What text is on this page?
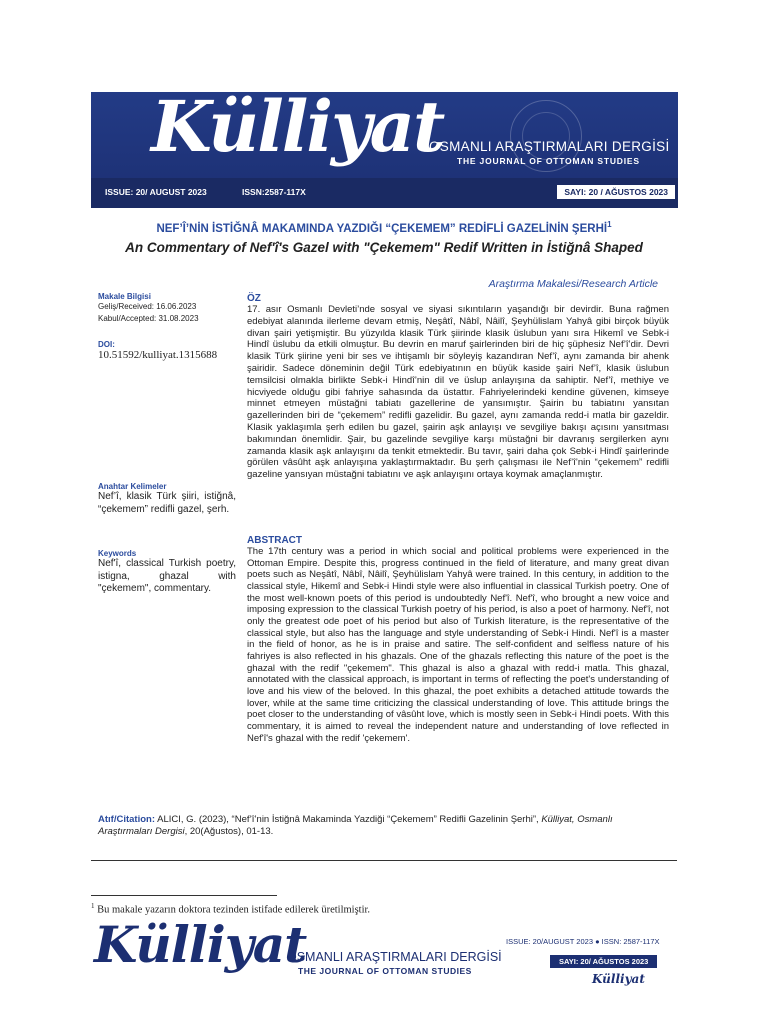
Külliyat
OSMANLI ARAŞTIRMALARI DERGİSİ
THE JOURNAL OF OTTOMAN STUDIES
ISSUE: 20/ AUGUST 2023	ISSN:2587-117X	SAYI: 20 / AĞUSTOS 2023
NEF’Î’NİN İSTİĞNÂ MAKAMINDA YAZDIĞI “ÇEKEMEM” REDİFLİ GAZELİNİN ŞERHİ$^1$
An Commentary of Nef'î's Gazel with "Çekemem" Redif Written in İstiğnâ Shaped
Araştırma Makalesi/Research Article
Makale Bilgisi
Geliş/Received: 16.06.2023
Kabul/Accepted: 31.08.2023
DOI:
10.51592/kulliyat.1315688
Anahtar Kelimeler
Nef’î, klasik Türk şiiri, istiğnâ, “çekemem” redifli gazel, şerh.
Keywords
Nef'î, classical Turkish poetry, istigna, ghazal with "çekemem", commentary.
ÖZ
17. asır Osmanlı Devleti’nde sosyal ve siyasi sıkıntıların yaşandığı bir devirdir. Buna rağmen edebiyat alanında ilerleme devam etmiş, Neşâtî, Nâbî, Nâilî, Şeyhülislam Yahyâ gibi birçok büyük divan şairi yetişmiştir. Bu yüzyılda klasik Türk şiirinde klasik üslubun yanı sıra Hikemî ve Sebk-i Hindî üslubu da etkili olmuştur. Bu devrin en maruf şairlerinden biri de hiç şüphesiz Nef’î’dir. Devri klasik Türk şiirine yeni bir ses ve ihtişamlı bir söyleyiş kazandıran Nef’î, aynı zamanda bir ahenk şairidir. Sadece döneminin değil Türk edebiyatının en büyük kaside şairi Nef’î, klasik üslubun temsilcisi olmakla birlikte Sebk-i Hindî’nin dil ve üslup anlayışına da sahiptir. Nef’î, methiye ve hicviyede olduğu gibi fahriye sahasında da üstattır. Fahriyelerindeki kendine güvenen, kimseye minnet etmeyen müstağni tabiatı gazellerine de yansımıştır. Şairin bu tabiatını yansıtan gazellerinden biri de “çekemem” redifli gazelidir. Bu gazel, aynı zamanda redd-i matla bir gazeldir. Klasik yaklaşımla şerh edilen bu gazel, şairin aşk anlayışı ve sevgiliye bakışı açısını yansıtması bakımından önemlidir. Şair, bu gazelinde sevgiliye karşı müstağni bir davranış sergilerken aynı zamanda klasik aşk anlayışını da tenkit etmektedir. Bu tavır, şairi daha çok Sebk-i Hindî şairlerinde görülen vâsûht aşk anlayışına yaklaştırmaktadır. Bu şerh çalışması ile Nef’î’nin “çekemem” redifli gazeline yansıyan müstağni tabiatını ve aşk anlayışını ortaya koymak amaçlanmıştır.
ABSTRACT
The 17th century was a period in which social and political problems were experienced in the Ottoman Empire. Despite this, progress continued in the field of literature, and many great divan poets such as Neşâtî, Nâbî, Nâilî, Şeyhülislam Yahyâ were trained. In this century, in addition to the classical style, Hikemî and Sebk-i Hindi style were also influential in classical Turkish poetry. One of the most well-known poets of this period is undoubtedly Nef'î. Nef'î, who brought a new voice and imposing expression to the classical Turkish poetry of his period, is also a poet of harmony. Nef'î, not only the greatest ode poet of his period but also of Turkish literature, is the representative of the classical style, but also has the language and style understanding of Sebk-i Hindi. Nef'î is a master in the field of honor, as he is in praise and satire. The self-confident and selfless nature of his fahriyes is also reflected in his ghazals. One of the ghazals reflecting this nature of the poet is the ghazal with the redif "çekemem". This ghazal is also a ghazal with redd-i matla. This ghazal, annotated with the classical approach, is important in terms of reflecting the poet's understanding of love and his view of the beloved. In this ghazal, the poet exhibits a detached attitude towards the lover, while at the same time criticizing the classical understanding of love. This attitude brings the poet closer to the understanding of vâsûht love, which is mostly seen in Sebk-i Hindi poets. With this commentary, it is aimed to reveal the independent nature and understanding of love reflected in Nef'î's ghazal with the redif 'çekemem'.
Atıf/Citation: ALICI, G. (2023), “Nef’î’nin İstiğnâ Makaminda Yazdiği “Çekemem” Redifli Gazelinin Şerhi”, Külliyat, Osmanlı Araştırmaları Dergisi, 20(Ağustos), 01-13.
$^1$ Bu makale yazarın doktora tezinden istifade edilerek üretilmiştir.
Külliyat
OSMANLI ARAŞTIRMALARI DERGİSİ
THE JOURNAL OF OTTOMAN STUDIES
ISSUE: 20/AUGUST 2023 ● ISSN: 2587-117X
SAYI: 20/ AĞUSTOS 2023
Külliyat
